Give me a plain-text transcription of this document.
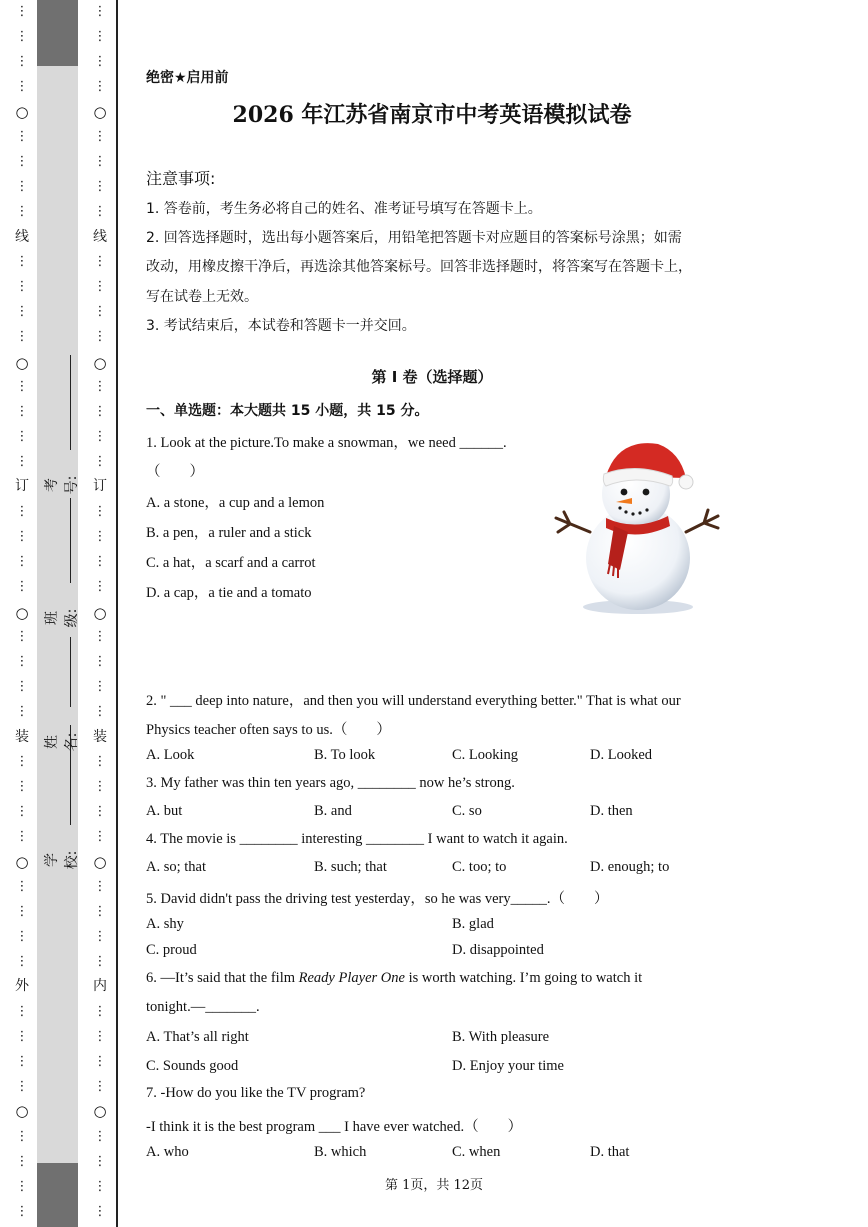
○
○
○
○
○
外
装
订
线
⋮
⋮
⋮
⋮
⋮
⋮
⋮
⋮
⋮
⋮
⋮
⋮
⋮
⋮
⋮
⋮
⋮
⋮
⋮
⋮
⋮
⋮
⋮
⋮
⋮
⋮
⋮
⋮
⋮
⋮
⋮
⋮
⋮
⋮
⋮
⋮
⋮
⋮
⋮
⋮
○
○
○
○
○
内
装
订
线
⋮
⋮
⋮
⋮
⋮
⋮
⋮
⋮
⋮
⋮
⋮
⋮
⋮
⋮
⋮
⋮
⋮
⋮
⋮
⋮
⋮
⋮
⋮
⋮
⋮
⋮
⋮
⋮
⋮
⋮
⋮
⋮
⋮
⋮
⋮
⋮
⋮
⋮
⋮
⋮
学校:
姓名:
班级:
考号:
绝密★启用前
2026 年江苏省南京市中考英语模拟试卷
注意事项:
1. 答卷前，考生务必将自己的姓名、准考证号填写在答题卡上。
2. 回答选择题时，选出每小题答案后，用铅笔把答题卡对应题目的答案标号涂黑；如需
改动，用橡皮擦干净后，再选涂其他答案标号。回答非选择题时，将答案写在答题卡上，
写在试卷上无效。
3. 考试结束后，本试卷和答题卡一并交回。
第 I 卷（选择题）
一、单选题：本大题共 15 小题，共 15 分。
1. Look at the picture.To make a snowman，we need ______.
（　　）
A. a stone，a cup and a lemon
B. a pen，a ruler and a stick
C. a hat，a scarf and a carrot
D. a cap，a tie and a tomato
2. " ___ deep into nature，and then you will understand everything better." That is what our
Physics teacher often says to us.（　　）
A. Look	B. To look	C. Looking	D. Looked
3. My father was thin ten years ago, ________ now he’s strong.
A. but	B. and	C. so	D. then
4. The movie is ________ interesting ________ I want to watch it again.
A. so; that	B. such; that	C. too; to	D. enough; to
5. David didn't pass the driving test yesterday，so he was very_____.（　　）
A. shy	B. glad
C. proud	D. disappointed
6. —It’s said that the film Ready Player One is worth watching. I’m going to watch it
tonight.—_______.
A. That’s all right	B. With pleasure
C. Sounds good	D. Enjoy your time
7. -How do you like the TV program?
-I think it is the best program ___ I have ever watched.（　　）
A. who	B. which	C. when	D. that
第 1页，共 12页
